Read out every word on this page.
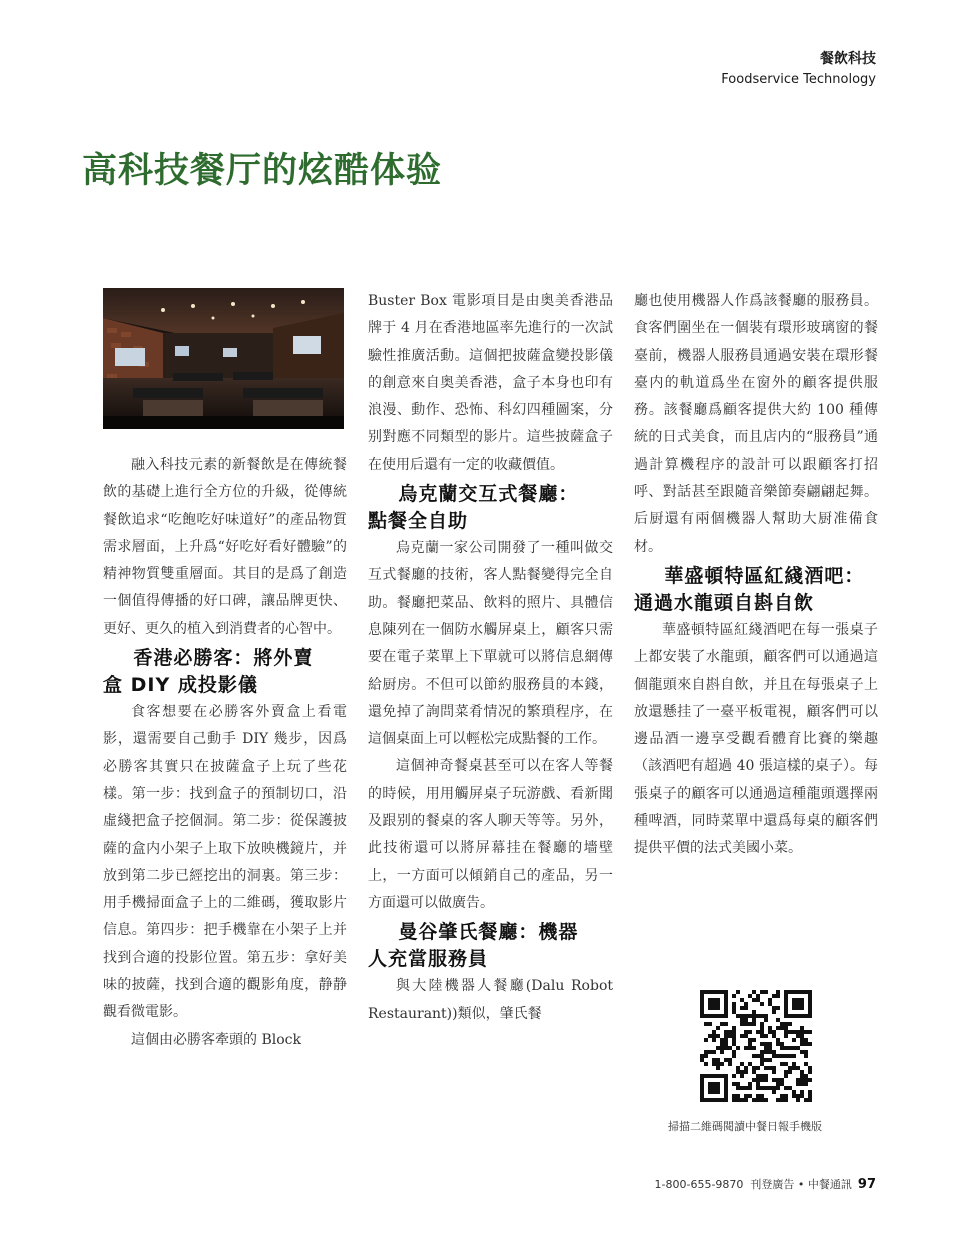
餐飲科技
Foodservice Technology
高科技餐厅的炫酷体验

融入科技元素的新餐飲是在傳統餐飲的基礎上進行全方位的升級，從傳統餐飲追求“吃飽吃好味道好”的產品物質需求層面，上升爲“好吃好看好體驗”的精神物質雙重層面。其目的是爲了創造一個值得傳播的好口碑，讓品牌更快、更好、更久的植入到消費者的心智中。

香港必勝客：將外賣
盒 DIY 成投影儀

食客想要在必勝客外賣盒上看電影，還需要自己動手 DIY 幾步，因爲必勝客其實只在披薩盒子上玩了些花樣。第一步：找到盒子的預制切口，沿虛綫把盒子挖個洞。第二步：從保護披薩的盒内小架子上取下放映機鏡片，并放到第二步已經挖出的洞裏。第三步：用手機掃面盒子上的二維碼，獲取影片信息。第四步：把手機靠在小架子上并找到合適的投影位置。第五步：拿好美味的披薩，找到合適的觀影角度，静静觀看微電影。

這個由必勝客牽頭的 Block

Buster Box 電影項目是由奥美香港品牌于 4 月在香港地區率先進行的一次試驗性推廣活動。這個把披薩盒變投影儀的創意來自奥美香港，盒子本身也印有浪漫、動作、恐怖、科幻四種圖案，分别對應不同類型的影片。這些披薩盒子在使用后還有一定的收藏價值。

烏克蘭交互式餐廳：
點餐全自助

烏克蘭一家公司開發了一種叫做交互式餐廳的技術，客人點餐變得完全自助。餐廳把菜品、飲料的照片、具體信息陳列在一個防水觸屏桌上，顧客只需要在電子菜單上下單就可以將信息網傳給厨房。不但可以節約服務員的本錢，還免掉了詢問菜肴情况的繁瑣程序，在這個桌面上可以輕松完成點餐的工作。

這個神奇餐桌甚至可以在客人等餐的時候，用用觸屏桌子玩游戲、看新聞及跟别的餐桌的客人聊天等等。另外，此技術還可以將屏幕挂在餐廳的墻壁上，一方面可以傾銷自己的產品，另一方面還可以做廣告。

曼谷肇氏餐廳：機器
人充當服務員

與大陸機器人餐廳(Dalu Robot Restaurant))類似，肇氏餐

廳也使用機器人作爲該餐廳的服務員。食客們圍坐在一個裝有環形玻璃窗的餐臺前，機器人服務員通過安裝在環形餐臺内的軌道爲坐在窗外的顧客提供服務。該餐廳爲顧客提供大約 100 種傳統的日式美食，而且店内的“服務員”通過計算機程序的設計可以跟顧客打招呼、對話甚至跟隨音樂節奏翩翩起舞。后厨還有兩個機器人幫助大厨准備食材。

華盛頓特區紅綫酒吧：
通過水龍頭自斟自飲

華盛頓特區紅綫酒吧在每一張桌子上都安裝了水龍頭，顧客們可以通過這個龍頭來自斟自飲，并且在每張桌子上放還懸挂了一臺平板電視，顧客們可以邊品酒一邊享受觀看體育比賽的樂趣（該酒吧有超過 40 張這樣的桌子）。每張桌子的顧客可以通過這種龍頭選擇兩種啤酒，同時菜單中還爲每桌的顧客們提供平價的法式美國小菜。

掃描二維碼閱讀中餐日報手機版
1-800-655-9870 刊登廣告 • 中餐通訊 97
